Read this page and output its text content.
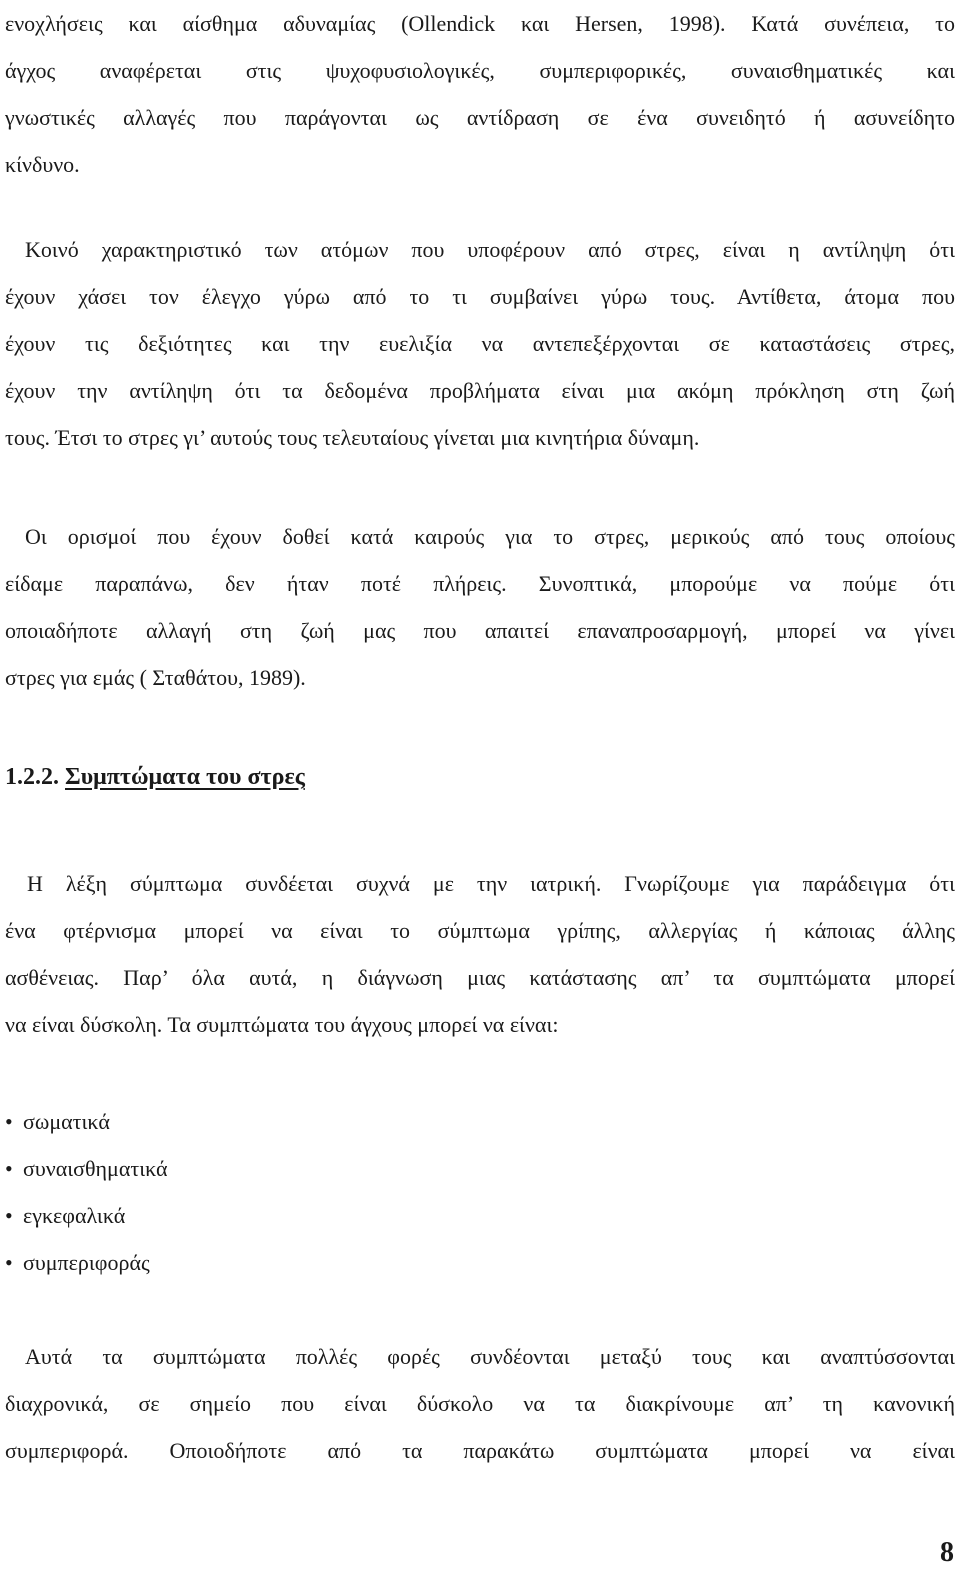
ενοχλήσεις και αίσθημα αδυναμίας (Ollendick και Hersen, 1998). Κατά συνέπεια, το
άγχος αναφέρεται στις ψυχοφυσιολογικές, συμπεριφορικές, συναισθηματικές και
γνωστικές αλλαγές που παράγονται ως αντίδραση σε ένα συνειδητό ή ασυνείδητο
κίνδυνο.

Κοινό χαρακτηριστικό των ατόμων που υποφέρουν από στρες, είναι η αντίληψη ότι
έχουν χάσει τον έλεγχο γύρω από το τι συμβαίνει γύρω τους. Αντίθετα, άτομα που
έχουν τις δεξιότητες και την ευελιξία να αντεπεξέρχονται σε καταστάσεις στρες,
έχουν την αντίληψη ότι τα δεδομένα προβλήματα είναι μια ακόμη πρόκληση στη ζωή
τους. Έτσι το στρες γι’ αυτούς τους τελευταίους γίνεται μια κινητήρια δύναμη.

Οι ορισμοί που έχουν δοθεί κατά καιρούς για το στρες, μερικούς από τους οποίους
είδαμε παραπάνω, δεν ήταν ποτέ πλήρεις. Συνοπτικά, μπορούμε να πούμε ότι
οποιαδήποτε αλλαγή στη ζωή μας που απαιτεί επαναπροσαρμογή, μπορεί να γίνει
στρες για εμάς ( Σταθάτου, 1989).

1.2.2. Συμπτώματα του στρες

Η λέξη σύμπτωμα συνδέεται συχνά με την ιατρική. Γνωρίζουμε για παράδειγμα ότι
ένα φτέρνισμα μπορεί να είναι το σύμπτωμα γρίπης, αλλεργίας ή κάποιας άλλης
ασθένειας. Παρ’ όλα αυτά, η διάγνωση μιας κατάστασης απ’ τα συμπτώματα μπορεί
να είναι δύσκολη. Τα συμπτώματα του άγχους μπορεί να είναι:

• σωματικά
• συναισθηματικά
• εγκεφαλικά
• συμπεριφοράς

Αυτά τα συμπτώματα πολλές φορές συνδέονται μεταξύ τους και αναπτύσσονται
διαχρονικά, σε σημείο που είναι δύσκολο να τα διακρίνουμε απ’ τη κανονική
συμπεριφορά. Οποιοδήποτε από τα παρακάτω συμπτώματα μπορεί να είναι

8
